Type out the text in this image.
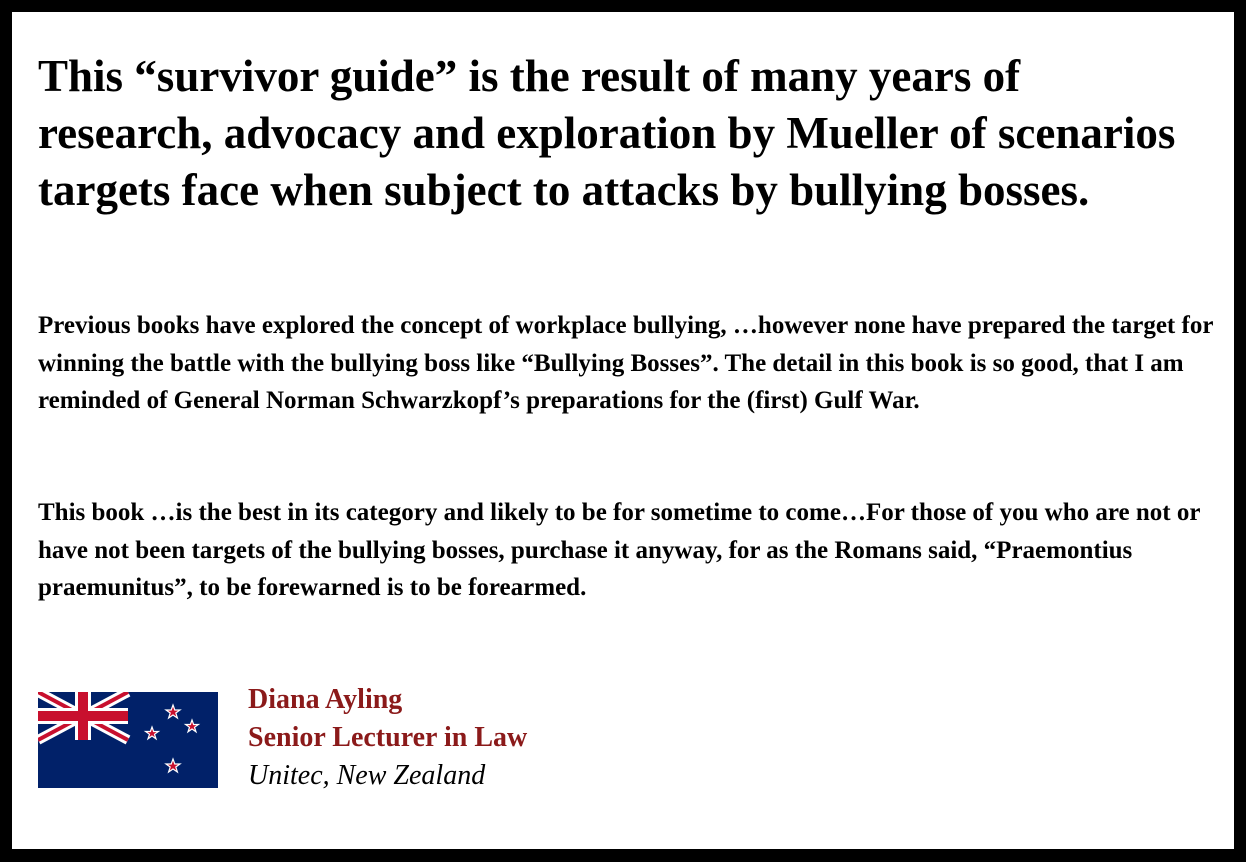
This “survivor guide” is the result of many years of research, advocacy and exploration by Mueller of scenarios targets face when subject to attacks by bullying bosses.

Previous books have explored the concept of workplace bullying, …however none have prepared the target for winning the battle with the bullying boss like “Bullying Bosses”. The detail in this book is so good, that I am reminded of General Norman Schwarzkopf’s preparations for the (first) Gulf War.

This book …is the best in its category and likely to be for sometime to come…For those of you who are not or have not been targets of the bullying bosses, purchase it anyway, for as the Romans said, “Praemontius praemunitus”, to be forewarned is to be forearmed.

Diana Ayling
Senior Lecturer in Law
Unitec, New Zealand
